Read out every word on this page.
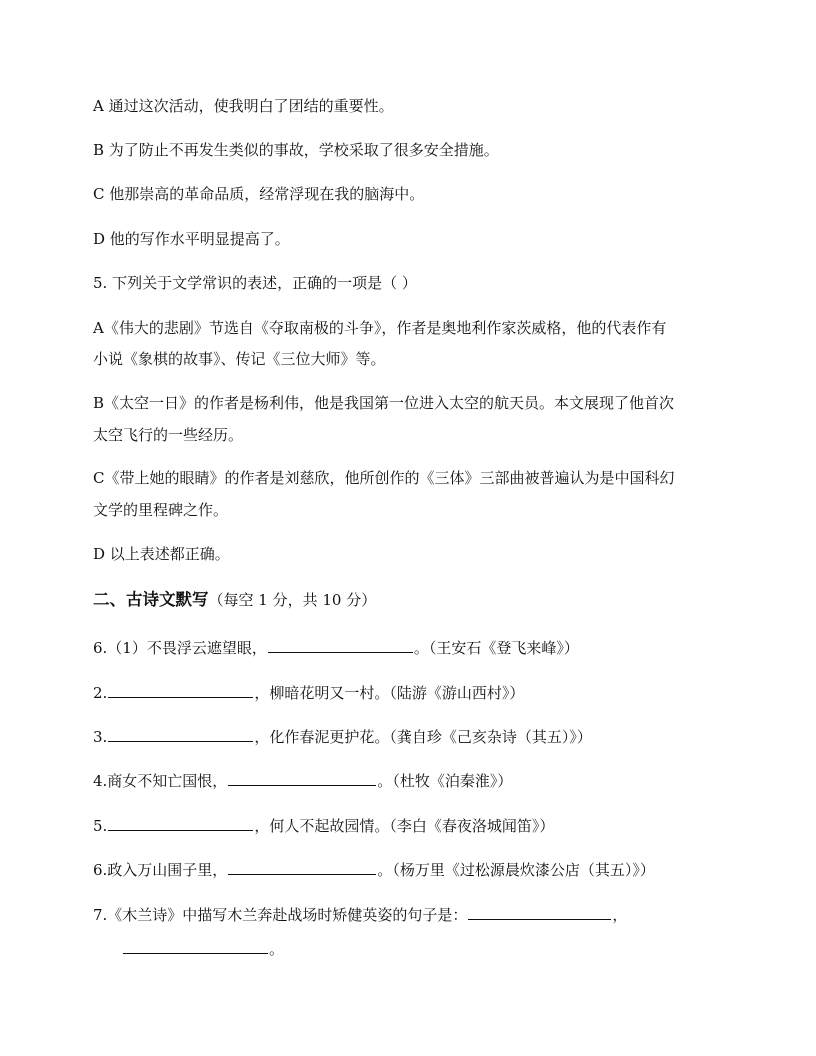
A 通过这次活动，使我明白了团结的重要性。
B 为了防止不再发生类似的事故，学校采取了很多安全措施。
C 他那崇高的革命品质，经常浮现在我的脑海中。
D 他的写作水平明显提高了。
5. 下列关于文学常识的表述，正确的一项是（ ）
A《伟大的悲剧》节选自《夺取南极的斗争》，作者是奥地利作家茨威格，他的代表作有
小说《象棋的故事》、传记《三位大师》等。
B《太空一日》的作者是杨利伟，他是我国第一位进入太空的航天员。本文展现了他首次
太空飞行的一些经历。
C《带上她的眼睛》的作者是刘慈欣，他所创作的《三体》三部曲被普遍认为是中国科幻
文学的里程碑之作。
D 以上表述都正确。
二、古诗文默写（每空 1 分，共 10 分）
6.（1）不畏浮云遮望眼，	。（王安石《登飞来峰》）
2.	，柳暗花明又一村。（陆游《游山西村》）
3.	，化作春泥更护花。（龚自珍《己亥杂诗（其五）》）
4.商女不知亡国恨，	。（杜牧《泊秦淮》）
5.	，何人不起故园情。（李白《春夜洛城闻笛》）
6.政入万山围子里，	。（杨万里《过松源晨炊漆公店（其五）》）
7.《木兰诗》中描写木兰奔赴战场时矫健英姿的句子是：	，
。
